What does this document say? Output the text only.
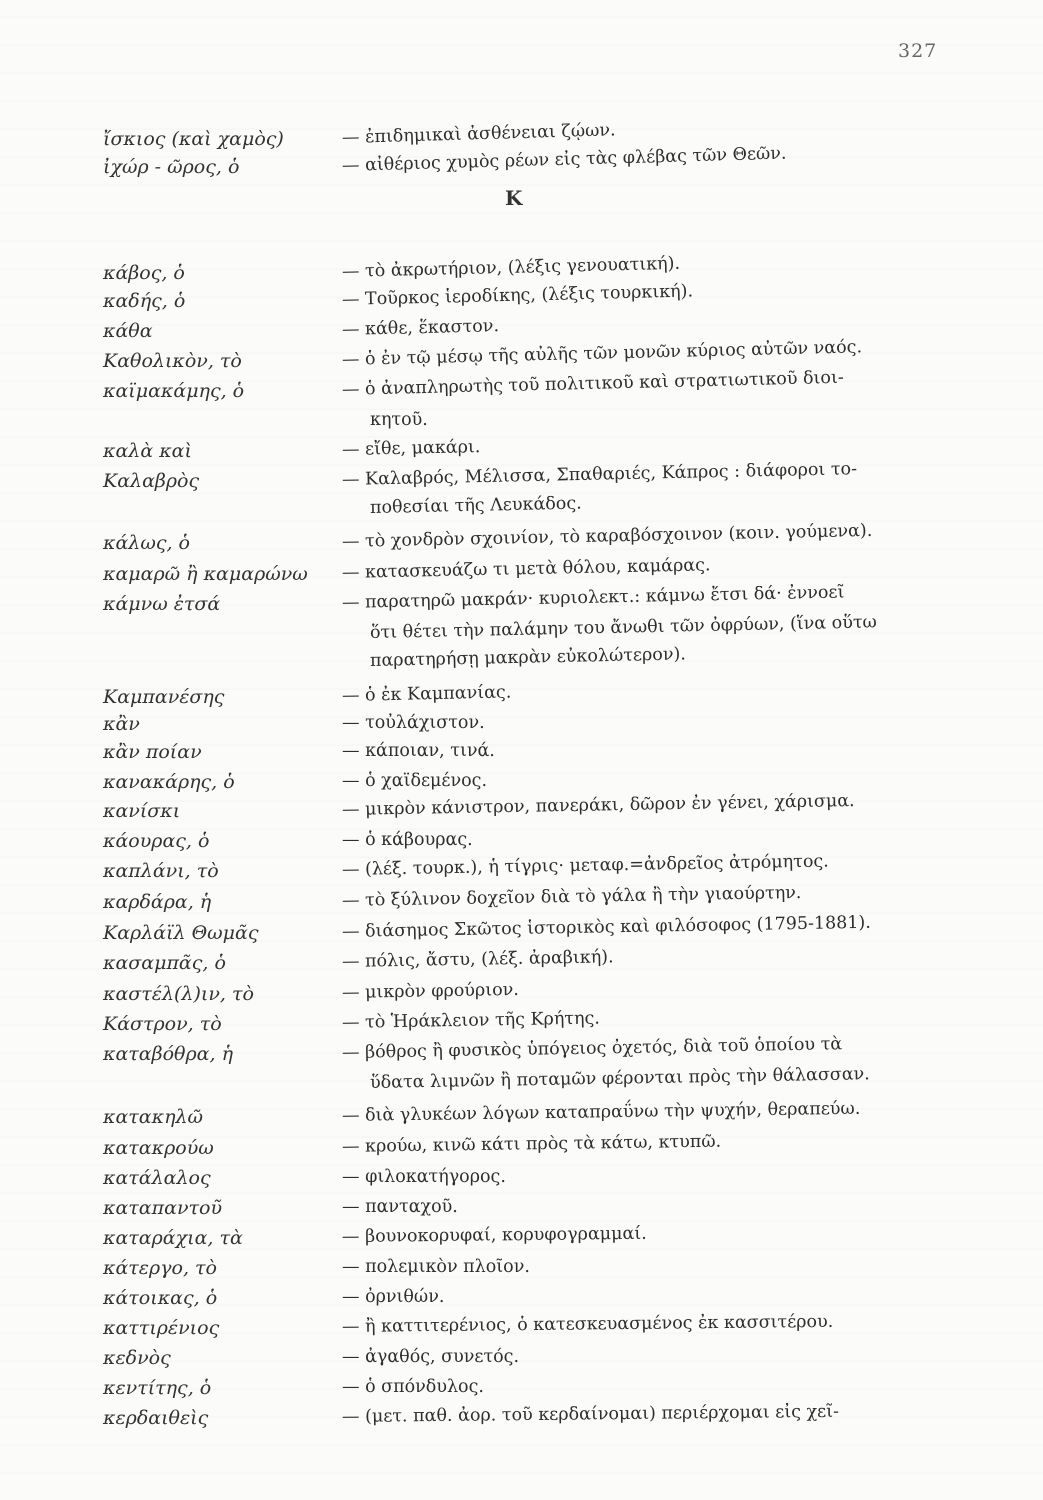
327
ἴσκιος (καὶ χαμὸς)	— ἐπιδημικαὶ ἀσθένειαι ζῴων.
ἰχώρ - ῶρος, ὁ	— αἰθέριος χυμὸς ρέων εἰς τὰς φλέβας τῶν Θεῶν.
Κ
κάβος, ὁ	— τὸ ἀκρωτήριον, (λέξις γενουατική).
καδής, ὁ	— Τοῦρκος ἱεροδίκης, (λέξις τουρκική).
κάθα	— κάθε, ἕκαστον.
Καθολικὸν, τὸ	— ὁ ἐν τῷ μέσῳ τῆς αὐλῆς τῶν μονῶν κύριος αὐτῶν ναός.
καϊμακάμης, ὁ	— ὁ ἀναπληρωτὴς τοῦ πολιτικοῦ καὶ στρατιωτικοῦ διοι-
κητοῦ.
καλὰ καὶ	— εἴθε, μακάρι.
Καλαβρὸς	— Καλαβρός, Μέλισσα, Σπαθαριές, Κάπρος : διάφοροι το-
ποθεσίαι τῆς Λευκάδος.
κάλως, ὁ	— τὸ χονδρὸν σχοινίον, τὸ καραβόσχοινον (κοιν. γούμενα).
καμαρῶ ἢ καμαρώνω — κατασκευάζω τι μετὰ θόλου, καμάρας.
κάμνω ἐτσά	— παρατηρῶ μακράν· κυριολεκτ.: κάμνω ἔτσι δά· ἐννοεῖ
ὅτι θέτει τὴν παλάμην του ἄνωθι τῶν ὀφρύων, (ἵνα οὕτω
παρατηρήσῃ μακρὰν εὐκολώτερον).
Καμπανέσης	— ὁ ἐκ Καμπανίας.
κἂν	— τοὐλάχιστον.
κἂν ποίαν	— κάποιαν, τινά.
κανακάρης, ὁ	— ὁ χαϊδεμένος.
κανίσκι	— μικρὸν κάνιστρον, πανεράκι, δῶρον ἐν γένει, χάρισμα.
κάουρας, ὁ	— ὁ κάβουρας.
καπλάνι, τὸ	— (λέξ. τουρκ.), ἡ τίγρις· μεταφ.=ἀνδρεῖος ἀτρόμητος.
καρδάρα, ἡ	— τὸ ξύλινον δοχεῖον διὰ τὸ γάλα ἢ τὴν γιαούρτην.
Καρλάϊλ Θωμᾶς	— διάσημος Σκῶτος ἱστορικὸς καὶ φιλόσοφος (1795-1881).
κασαμπᾶς, ὁ	— πόλις, ἄστυ, (λέξ. ἀραβική).
καστέλ(λ)ιν, τὸ	— μικρὸν φρούριον.
Κάστρον, τὸ	— τὸ Ἡράκλειον τῆς Κρήτης.
καταβόθρα, ἡ	— βόθρος ἢ φυσικὸς ὑπόγειος ὀχετός, διὰ τοῦ ὁποίου τὰ
ὕδατα λιμνῶν ἢ ποταμῶν φέρονται πρὸς τὴν θάλασσαν.
κατακηλῶ	— διὰ γλυκέων λόγων καταπραΰνω τὴν ψυχήν, θεραπεύω.
κατακρούω	— κρούω, κινῶ κάτι πρὸς τὰ κάτω, κτυπῶ.
κατάλαλος	— φιλοκατήγορος.
καταπαντοῦ	— πανταχοῦ.
καταράχια, τὰ	— βουνοκορυφαί, κορυφογραμμαί.
κάτεργο, τὸ	— πολεμικὸν πλοῖον.
κάτοικας, ὁ	— ὀρνιθών.
καττιρένιος	— ἢ καττιτερένιος, ὁ κατεσκευασμένος ἐκ κασσιτέρου.
κεδνὸς	— ἀγαθός, συνετός.
κεντίτης, ὁ	— ὁ σπόνδυλος.
κερδαιθεὶς	— (μετ. παθ. ἀορ. τοῦ κερδαίνομαι) περιέρχομαι εἰς χεῖ-
